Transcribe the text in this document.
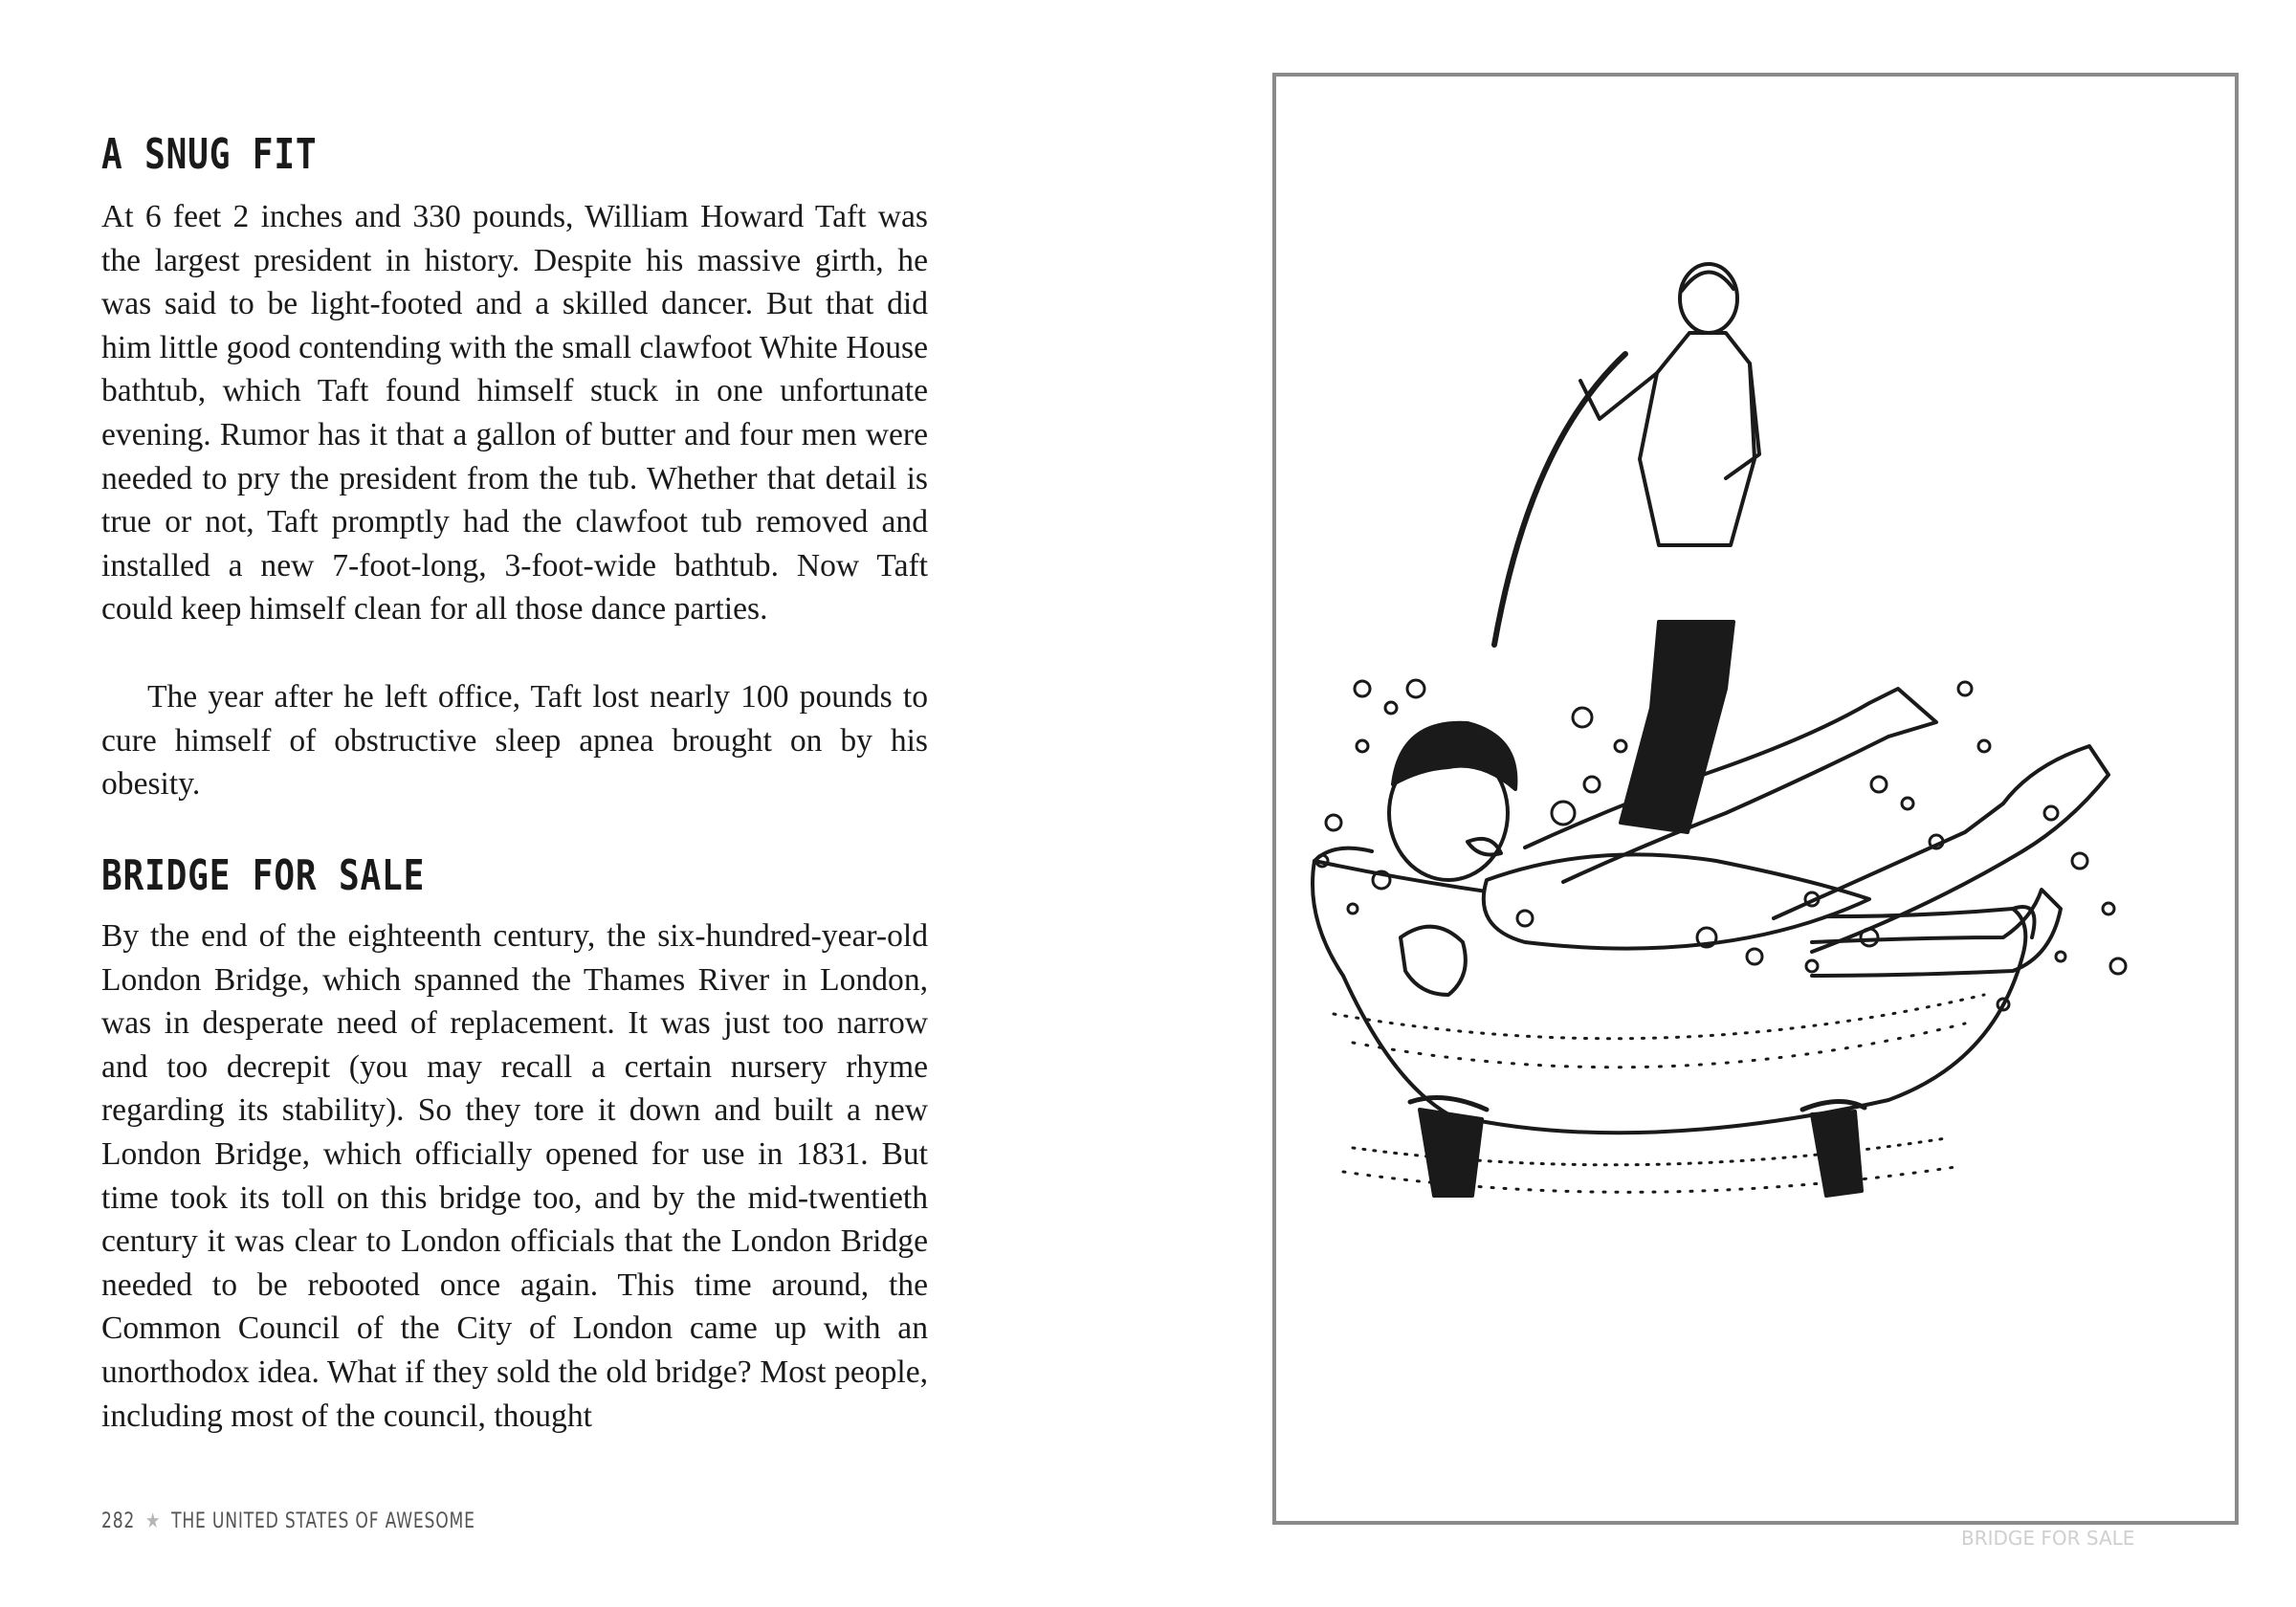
A SNUG FIT

At 6 feet 2 inches and 330 pounds, William Howard Taft was the largest president in history. Despite his massive girth, he was said to be light-footed and a skilled dancer. But that did him little good contending with the small clawfoot White House bathtub, which Taft found himself stuck in one unfortunate evening. Rumor has it that a gallon of butter and four men were needed to pry the president from the tub. Whether that detail is true or not, Taft promptly had the clawfoot tub removed and installed a new 7-foot-long, 3-foot-wide bathtub. Now Taft could keep himself clean for all those dance parties.

The year after he left office, Taft lost nearly 100 pounds to cure himself of obstructive sleep apnea brought on by his obesity.

BRIDGE FOR SALE

By the end of the eighteenth century, the six-hundred-year-old London Bridge, which spanned the Thames River in London, was in desperate need of replacement. It was just too narrow and too decrepit (you may recall a certain nursery rhyme regarding its stability). So they tore it down and built a new London Bridge, which officially opened for use in 1831. But time took its toll on this bridge too, and by the mid-twentieth century it was clear to London officials that the London Bridge needed to be rebooted once again. This time around, the Common Council of the City of London came up with an unorthodox idea. What if they sold the old bridge? Most people, including most of the council, thought

282 ★ THE UNITED STATES OF AWESOME
BRIDGE FOR SALE
